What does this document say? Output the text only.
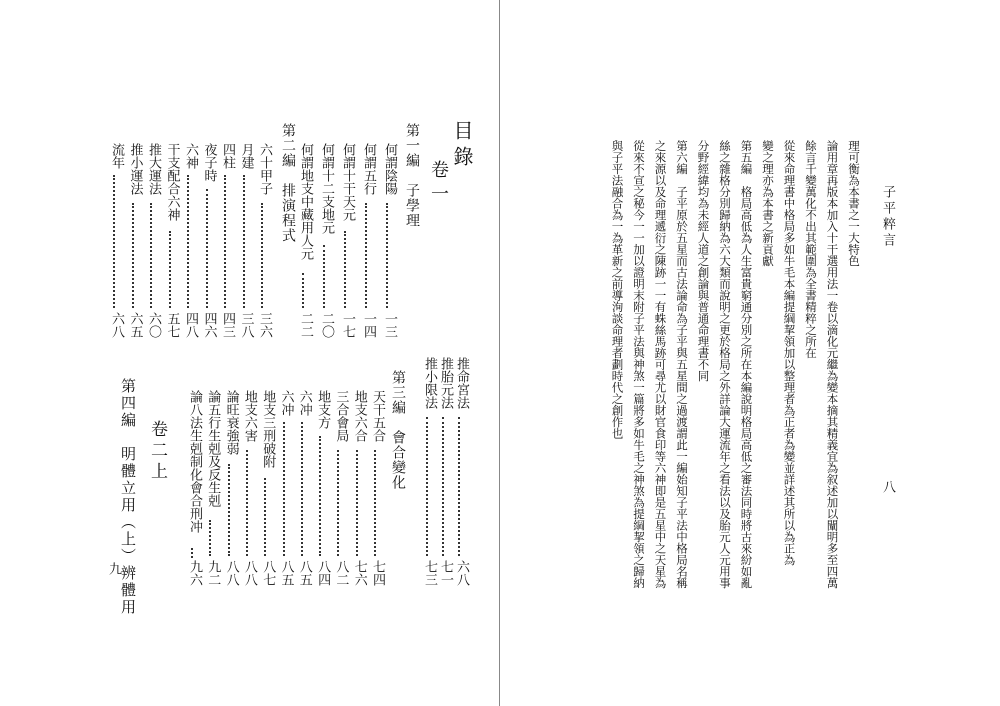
目錄
卷一
第一編　子學理
何謂陰陽
一三
何謂五行
一四
何謂十干天元
一七
何謂十二支地元
二〇
何謂地支中藏用人元
二二
第二編　排演程式
六十甲子
三六
月建
三八
四柱
四三
夜子時
四六
六神
四八
干支配合六神
五七
推大運法
六〇
推小運法
六五
流年
六八
推命宮法
六八
推胎元法
七一
推小限法
七三
第三編　會合變化
天干五合
七四
地支六合
七六
三合會局
八二
地支方
八四
六冲
八五
六冲
八五
地支三刑破附
八七
地支六害
八八
論旺衰強弱
八八
論五行生剋及反生剋
九二
論八法生剋制化會合刑冲
九六
卷二上
第四編　明體立用（上）辨體用
九
子平粹言
八
理可衡為本書之一大特色
論用章再版本加入十干選用法一卷以滴化元繼為變本摘其精義宜為叙述加以闡明多至四萬
餘言千變萬化不出其範圍為全書精粹之所在
從來命理書中格局多如牛毛本編提綱挈領加以整理者為正者為變並詳述其所以為正為
變之理亦為本書之新貢獻
第五編　格局高低為人生富貴窮通分別之所在本編說明格局高低之審法同時將古來紛如亂
絲之雜格分別歸納為六大類而說明之更於格局之外詳論大運流年之看法以及胎元人元用事
分野經緯均為未經人道之創論與普通命理書不同
第六編　子平原於五星而古法論命為子平與五星間之過渡謂此一編始知子平法中格局名稱
之來源以及命理遞衍之陳跡一一有蛛絲馬跡可尋尤以財官食印等六神即是五星中之天星為
從來不宣之秘今一一加以證明末附子平法與神煞一篇將多如牛毛之神煞為提綱挈領之歸納
與子平法融合為一為革新之前導洵談命理者劃時代之創作也
